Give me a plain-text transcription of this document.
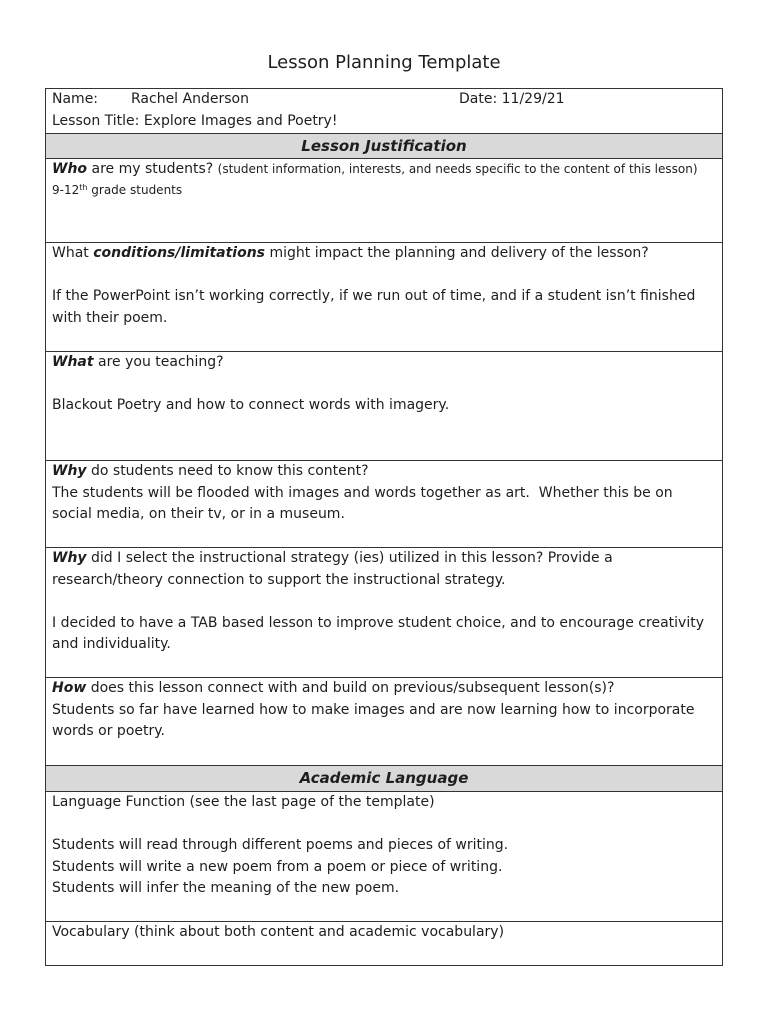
Lesson Planning Template
Name: Rachel Anderson	Date: 11/29/21
Lesson Title: Explore Images and Poetry!
Lesson Justification
Who are my students? (student information, interests, and needs specific to the content of this lesson)
9-12th grade students
What conditions/limitations might impact the planning and delivery of the lesson?
If the PowerPoint isn’t working correctly, if we run out of time, and if a student isn’t finished
with their poem.
What are you teaching?
Blackout Poetry and how to connect words with imagery.
Why do students need to know this content?
The students will be flooded with images and words together as art.  Whether this be on
social media, on their tv, or in a museum.
Why did I select the instructional strategy (ies) utilized in this lesson? Provide a
research/theory connection to support the instructional strategy.
I decided to have a TAB based lesson to improve student choice, and to encourage creativity
and individuality.
How does this lesson connect with and build on previous/subsequent lesson(s)?
Students so far have learned how to make images and are now learning how to incorporate
words or poetry.
Academic Language
Language Function (see the last page of the template)
Students will read through different poems and pieces of writing.
Students will write a new poem from a poem or piece of writing.
Students will infer the meaning of the new poem.
Vocabulary (think about both content and academic vocabulary)
